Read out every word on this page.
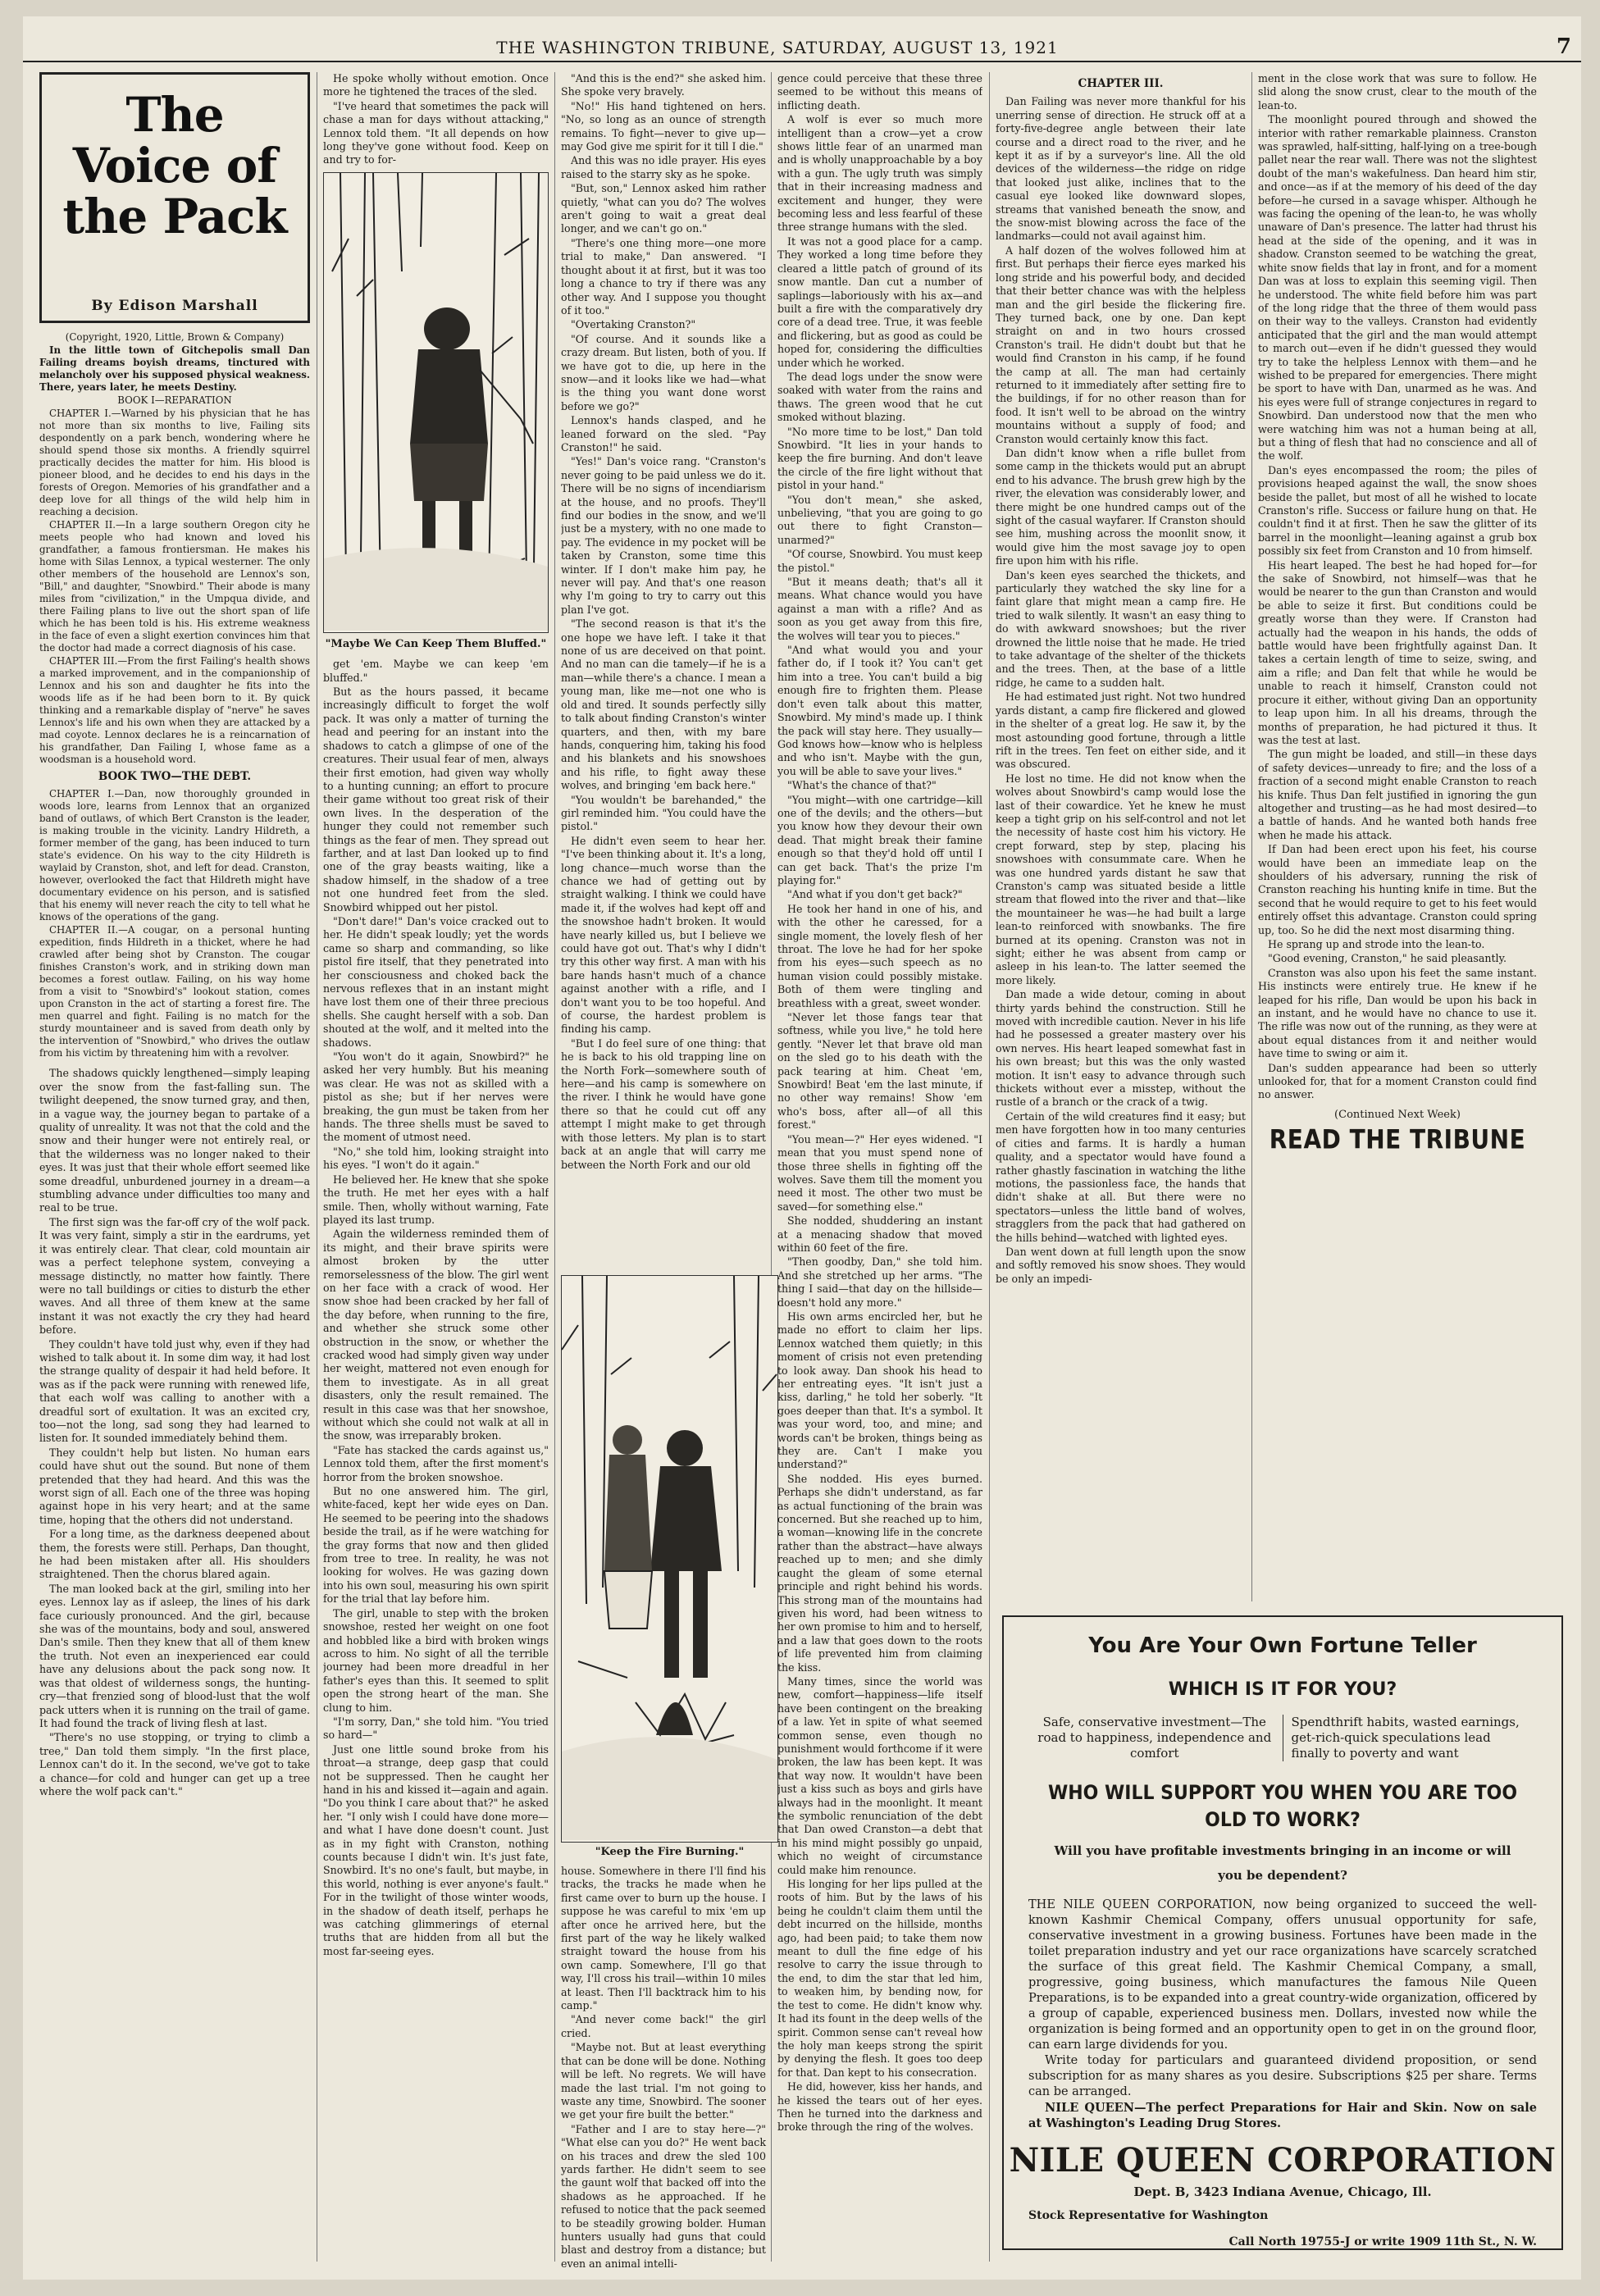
THE WASHINGTON TRIBUNE, SATURDAY, AUGUST 13, 1921	7
The Voice of the Pack
By Edison Marshall

(Copyright, 1920, Little, Brown & Company)

In the little town of Gitchepolis small Dan Failing dreams boyish dreams, tinctured with melancholy over his supposed physical weakness. There, years later, he meets Destiny.

BOOK I—REPARATION

CHAPTER I.—Warned by his physician that he has not more than six months to live, Failing sits despondently on a park bench, wondering where he should spend those six months. A friendly squirrel practically decides the matter for him. His blood is pioneer blood, and he decides to end his days in the forests of Oregon. Memories of his grandfather and a deep love for all things of the wild help him in reaching a decision.

CHAPTER II.—In a large southern Oregon city he meets people who had known and loved his grandfather, a famous frontiersman. He makes his home with Silas Lennox, a typical westerner. The only other members of the household are Lennox's son, "Bill," and daughter, "Snowbird." Their abode is many miles from "civilization," in the Umpqua divide, and there Failing plans to live out the short span of life which he has been told is his. His extreme weakness in the face of even a slight exertion convinces him that the doctor had made a correct diagnosis of his case.

CHAPTER III.—From the first Failing's health shows a marked improvement, and in the companionship of Lennox and his son and daughter he fits into the woods life as if he had been born to it. By quick thinking and a remarkable display of "nerve" he saves Lennox's life and his own when they are attacked by a mad coyote. Lennox declares he is a reincarnation of his grandfather, Dan Failing I, whose fame as a woodsman is a household word.

BOOK TWO—THE DEBT.

CHAPTER I.—Dan, now thoroughly grounded in woods lore, learns from Lennox that an organized band of outlaws, of which Bert Cranston is the leader, is making trouble in the vicinity. Landry Hildreth, a former member of the gang, has been induced to turn state's evidence. On his way to the city Hildreth is waylaid by Cranston, shot, and left for dead. Cranston, however, overlooked the fact that Hildreth might have documentary evidence on his person, and is satisfied that his enemy will never reach the city to tell what he knows of the operations of the gang.

CHAPTER II.—A cougar, on a personal hunting expedition, finds Hildreth in a thicket, where he had crawled after being shot by Cranston. The cougar finishes Cranston's work, and in striking down man becomes a forest outlaw. Failing, on his way home from a visit to "Snowbird's" lookout station, comes upon Cranston in the act of starting a forest fire. The men quarrel and fight. Failing is no match for the sturdy mountaineer and is saved from death only by the intervention of "Snowbird," who drives the outlaw from his victim by threatening him with a revolver.

The shadows quickly lengthened—simply leaping over the snow from the fast-falling sun. The twilight deepened, the snow turned gray, and then, in a vague way, the journey began to partake of a quality of unreality. It was not that the cold and the snow and their hunger were not entirely real, or that the wilderness was no longer naked to their eyes. It was just that their whole effort seemed like some dreadful, unburdened journey in a dream—a stumbling advance under difficulties too many and real to be true.

The first sign was the far-off cry of the wolf pack. It was very faint, simply a stir in the eardrums, yet it was entirely clear. That clear, cold mountain air was a perfect telephone system, conveying a message distinctly, no matter how faintly. There were no tall buildings or cities to disturb the ether waves. And all three of them knew at the same instant it was not exactly the cry they had heard before.

They couldn't have told just why, even if they had wished to talk about it. In some dim way, it had lost the strange quality of despair it had held before. It was as if the pack were running with renewed life, that each wolf was calling to another with a dreadful sort of exultation. It was an excited cry, too—not the long, sad song they had learned to listen for. It sounded immediately behind them.

They couldn't help but listen. No human ears could have shut out the sound. But none of them pretended that they had heard. And this was the worst sign of all. Each one of the three was hoping against hope in his very heart; and at the same time, hoping that the others did not understand.

For a long time, as the darkness deepened about them, the forests were still. Perhaps, Dan thought, he had been mistaken after all. His shoulders straightened. Then the chorus blared again.

The man looked back at the girl, smiling into her eyes. Lennox lay as if asleep, the lines of his dark face curiously pronounced. And the girl, because she was of the mountains, body and soul, answered Dan's smile. Then they knew that all of them knew the truth. Not even an inexperienced ear could have any delusions about the pack song now. It was that oldest of wilderness songs, the hunting-cry—that frenzied song of blood-lust that the wolf pack utters when it is running on the trail of game. It had found the track of living flesh at last.

"There's no use stopping, or trying to climb a tree," Dan told them simply. "In the first place, Lennox can't do it. In the second, we've got to take a chance—for cold and hunger can get up a tree where the wolf pack can't."

He spoke wholly without emotion. Once more he tightened the traces of the sled.

"I've heard that sometimes the pack will chase a man for days without attacking," Lennox told them. "It all depends on how long they've gone without food. Keep on and try to for-

"Maybe We Can Keep Them Bluffed."

get 'em. Maybe we can keep 'em bluffed."

But as the hours passed, it became increasingly difficult to forget the wolf pack. It was only a matter of turning the head and peering for an instant into the shadows to catch a glimpse of one of the creatures. Their usual fear of men, always their first emotion, had given way wholly to a hunting cunning; an effort to procure their game without too great risk of their own lives. In the desperation of the hunger they could not remember such things as the fear of men. They spread out farther, and at last Dan looked up to find one of the gray beasts waiting, like a shadow himself, in the shadow of a tree not one hundred feet from the sled. Snowbird whipped out her pistol.

"Don't dare!" Dan's voice cracked out to her. He didn't speak loudly; yet the words came so sharp and commanding, so like pistol fire itself, that they penetrated into her consciousness and choked back the nervous reflexes that in an instant might have lost them one of their three precious shells. She caught herself with a sob. Dan shouted at the wolf, and it melted into the shadows.

"You won't do it again, Snowbird?" he asked her very humbly. But his meaning was clear. He was not as skilled with a pistol as she; but if her nerves were breaking, the gun must be taken from her hands. The three shells must be saved to the moment of utmost need.

"No," she told him, looking straight into his eyes. "I won't do it again."

He believed her. He knew that she spoke the truth. He met her eyes with a half smile. Then, wholly without warning, Fate played its last trump.

Again the wilderness reminded them of its might, and their brave spirits were almost broken by the utter remorselessness of the blow. The girl went on her face with a crack of wood. Her snow shoe had been cracked by her fall of the day before, when running to the fire, and whether she struck some other obstruction in the snow, or whether the cracked wood had simply given way under her weight, mattered not even enough for them to investigate. As in all great disasters, only the result remained. The result in this case was that her snowshoe, without which she could not walk at all in the snow, was irreparably broken.

"Fate has stacked the cards against us," Lennox told them, after the first moment's horror from the broken snowshoe.

But no one answered him. The girl, white-faced, kept her wide eyes on Dan. He seemed to be peering into the shadows beside the trail, as if he were watching for the gray forms that now and then glided from tree to tree. In reality, he was not looking for wolves. He was gazing down into his own soul, measuring his own spirit for the trial that lay before him.

The girl, unable to step with the broken snowshoe, rested her weight on one foot and hobbled like a bird with broken wings across to him. No sight of all the terrible journey had been more dreadful in her father's eyes than this. It seemed to split open the strong heart of the man. She clung to him.

"I'm sorry, Dan," she told him. "You tried so hard—"

Just one little sound broke from his throat—a strange, deep gasp that could not be suppressed. Then he caught her hand in his and kissed it—again and again. "Do you think I care about that?" he asked her. "I only wish I could have done more—and what I have done doesn't count. Just as in my fight with Cranston, nothing counts because I didn't win. It's just fate, Snowbird. It's no one's fault, but maybe, in this world, nothing is ever anyone's fault." For in the twilight of those winter woods, in the shadow of death itself, perhaps he was catching glimmerings of eternal truths that are hidden from all but the most far-seeing eyes.

"And this is the end?" she asked him. She spoke very bravely.

"No!" His hand tightened on hers. "No, so long as an ounce of strength remains. To fight—never to give up—may God give me spirit for it till I die."

And this was no idle prayer. His eyes raised to the starry sky as he spoke.

"But, son," Lennox asked him rather quietly, "what can you do? The wolves aren't going to wait a great deal longer, and we can't go on."

"There's one thing more—one more trial to make," Dan answered. "I thought about it at first, but it was too long a chance to try if there was any other way. And I suppose you thought of it too."

"Overtaking Cranston?"

"Of course. And it sounds like a crazy dream. But listen, both of you. If we have got to die, up here in the snow—and it looks like we had—what is the thing you want done worst before we go?"

Lennox's hands clasped, and he leaned forward on the sled. "Pay Cranston!" he said.

"Yes!" Dan's voice rang. "Cranston's never going to be paid unless we do it. There will be no signs of incendiarism at the house, and no proofs. They'll find our bodies in the snow, and we'll just be a mystery, with no one made to pay. The evidence in my pocket will be taken by Cranston, some time this winter. If I don't make him pay, he never will pay. And that's one reason why I'm going to try to carry out this plan I've got.

"The second reason is that it's the one hope we have left. I take it that none of us are deceived on that point. And no man can die tamely—if he is a man—while there's a chance. I mean a young man, like me—not one who is old and tired. It sounds perfectly silly to talk about finding Cranston's winter quarters, and then, with my bare hands, conquering him, taking his food and his blankets and his snowshoes and his rifle, to fight away these wolves, and bringing 'em back here."

"You wouldn't be barehanded," the girl reminded him. "You could have the pistol."

He didn't even seem to hear her. "I've been thinking about it. It's a long, long chance—much worse than the chance we had of getting out by straight walking. I think we could have made it, if the wolves had kept off and the snowshoe hadn't broken. It would have nearly killed us, but I believe we could have got out. That's why I didn't try this other way first. A man with his bare hands hasn't much of a chance against another with a rifle, and I don't want you to be too hopeful. And of course, the hardest problem is finding his camp.

"But I do feel sure of one thing: that he is back to his old trapping line on the North Fork—somewhere south of here—and his camp is somewhere on the river. I think he would have gone there so that he could cut off any attempt I might make to get through with those letters. My plan is to start back at an angle that will carry me between the North Fork and our old

"Keep the Fire Burning."

house. Somewhere in there I'll find his tracks, the tracks he made when he first came over to burn up the house. I suppose he was careful to mix 'em up after once he arrived here, but the first part of the way he likely walked straight toward the house from his own camp. Somewhere, I'll go that way, I'll cross his trail—within 10 miles at least. Then I'll backtrack him to his camp."

"And never come back!" the girl cried.

"Maybe not. But at least everything that can be done will be done. Nothing will be left. No regrets. We will have made the last trial. I'm not going to waste any time, Snowbird. The sooner we get your fire built the better."

"Father and I are to stay here—?" "What else can you do?" He went back on his traces and drew the sled 100 yards farther. He didn't seem to see the gaunt wolf that backed off into the shadows as he approached. If he refused to notice that the pack seemed to be steadily growing bolder. Human hunters usually had guns that could blast and destroy from a distance; but even an animal intelli-

gence could perceive that these three seemed to be without this means of inflicting death.

A wolf is ever so much more intelligent than a crow—yet a crow shows little fear of an unarmed man and is wholly unapproachable by a boy with a gun. The ugly truth was simply that in their increasing madness and excitement and hunger, they were becoming less and less fearful of these three strange humans with the sled.

It was not a good place for a camp. They worked a long time before they cleared a little patch of ground of its snow mantle. Dan cut a number of saplings—laboriously with his ax—and built a fire with the comparatively dry core of a dead tree. True, it was feeble and flickering, but as good as could be hoped for, considering the difficulties under which he worked.

The dead logs under the snow were soaked with water from the rains and thaws. The green wood that he cut smoked without blazing.

"No more time to be lost," Dan told Snowbird. "It lies in your hands to keep the fire burning. And don't leave the circle of the fire light without that pistol in your hand."

"You don't mean," she asked, unbelieving, "that you are going to go out there to fight Cranston—unarmed?"

"Of course, Snowbird. You must keep the pistol."

"But it means death; that's all it means. What chance would you have against a man with a rifle? And as soon as you get away from this fire, the wolves will tear you to pieces."

"And what would you and your father do, if I took it? You can't get him into a tree. You can't build a big enough fire to frighten them. Please don't even talk about this matter, Snowbird. My mind's made up. I think the pack will stay here. They usually—God knows how—know who is helpless and who isn't. Maybe with the gun, you will be able to save your lives."

"What's the chance of that?"

"You might—with one cartridge—kill one of the devils; and the others—but you know how they devour their own dead. That might break their famine enough so that they'd hold off until I can get back. That's the prize I'm playing for."

"And what if you don't get back?"

He took her hand in one of his, and with the other he caressed, for a single moment, the lovely flesh of her throat. The love he had for her spoke from his eyes—such speech as no human vision could possibly mistake. Both of them were tingling and breathless with a great, sweet wonder.

"Never let those fangs tear that softness, while you live," he told here gently. "Never let that brave old man on the sled go to his death with the pack tearing at him. Cheat 'em, Snowbird! Beat 'em the last minute, if no other way remains! Show 'em who's boss, after all—of all this forest."

"You mean—?" Her eyes widened. "I mean that you must spend none of those three shells in fighting off the wolves. Save them till the moment you need it most. The other two must be saved—for something else."

She nodded, shuddering an instant at a menacing shadow that moved within 60 feet of the fire.

"Then goodby, Dan," she told him. And she stretched up her arms. "The thing I said—that day on the hillside—doesn't hold any more."

His own arms encircled her, but he made no effort to claim her lips. Lennox watched them quietly; in this moment of crisis not even pretending to look away. Dan shook his head to her entreating eyes. "It isn't just a kiss, darling," he told her soberly. "It goes deeper than that. It's a symbol. It was your word, too, and mine; and words can't be broken, things being as they are. Can't I make you understand?"

She nodded. His eyes burned. Perhaps she didn't understand, as far as actual functioning of the brain was concerned. But she reached up to him, a woman—knowing life in the concrete rather than the abstract—have always reached up to men; and she dimly caught the gleam of some eternal principle and right behind his words. This strong man of the mountains had given his word, had been witness to her own promise to him and to herself, and a law that goes down to the roots of life prevented him from claiming the kiss.

Many times, since the world was new, comfort—happiness—life itself have been contingent on the breaking of a law. Yet in spite of what seemed common sense, even though no punishment would forthcome if it were broken, the law has been kept. It was that way now. It wouldn't have been just a kiss such as boys and girls have always had in the moonlight. It meant the symbolic renunciation of the debt that Dan owed Cranston—a debt that in his mind might possibly go unpaid, which no weight of circumstance could make him renounce.

His longing for her lips pulled at the roots of him. But by the laws of his being he couldn't claim them until the debt incurred on the hillside, months ago, had been paid; to take them now meant to dull the fine edge of his resolve to carry the issue through to the end, to dim the star that led him, to weaken him, by bending now, for the test to come. He didn't know why. It had its fount in the deep wells of the spirit. Common sense can't reveal how the holy man keeps strong the spirit by denying the flesh. It goes too deep for that. Dan kept to his consecration.

He did, however, kiss her hands, and he kissed the tears out of her eyes. Then he turned into the darkness and broke through the ring of the wolves.

CHAPTER III.

Dan Failing was never more thankful for his unerring sense of direction. He struck off at a forty-five-degree angle between their late course and a direct road to the river, and he kept it as if by a surveyor's line. All the old devices of the wilderness—the ridge on ridge that looked just alike, inclines that to the casual eye looked like downward slopes, streams that vanished beneath the snow, and the snow-mist blowing across the face of the landmarks—could not avail against him.

A half dozen of the wolves followed him at first. But perhaps their fierce eyes marked his long stride and his powerful body, and decided that their better chance was with the helpless man and the girl beside the flickering fire. They turned back, one by one. Dan kept straight on and in two hours crossed Cranston's trail. He didn't doubt but that he would find Cranston in his camp, if he found the camp at all. The man had certainly returned to it immediately after setting fire to the buildings, if for no other reason than for food. It isn't well to be abroad on the wintry mountains without a supply of food; and Cranston would certainly know this fact.

Dan didn't know when a rifle bullet from some camp in the thickets would put an abrupt end to his advance. The brush grew high by the river, the elevation was considerably lower, and there might be one hundred camps out of the sight of the casual wayfarer. If Cranston should see him, mushing across the moonlit snow, it would give him the most savage joy to open fire upon him with his rifle.

Dan's keen eyes searched the thickets, and particularly they watched the sky line for a faint glare that might mean a camp fire. He tried to walk silently. It wasn't an easy thing to do with awkward snowshoes; but the river drowned the little noise that he made. He tried to take advantage of the shelter of the thickets and the trees. Then, at the base of a little ridge, he came to a sudden halt.

He had estimated just right. Not two hundred yards distant, a camp fire flickered and glowed in the shelter of a great log. He saw it, by the most astounding good fortune, through a little rift in the trees. Ten feet on either side, and it was obscured.

He lost no time. He did not know when the wolves about Snowbird's camp would lose the last of their cowardice. Yet he knew he must keep a tight grip on his self-control and not let the necessity of haste cost him his victory. He crept forward, step by step, placing his snowshoes with consummate care. When he was one hundred yards distant he saw that Cranston's camp was situated beside a little stream that flowed into the river and that—like the mountaineer he was—he had built a large lean-to reinforced with snowbanks. The fire burned at its opening. Cranston was not in sight; either he was absent from camp or asleep in his lean-to. The latter seemed the more likely.

Dan made a wide detour, coming in about thirty yards behind the construction. Still he moved with incredible caution. Never in his life had he possessed a greater mastery over his own nerves. His heart leaped somewhat fast in his own breast; but this was the only wasted motion. It isn't easy to advance through such thickets without ever a misstep, without the rustle of a branch or the crack of a twig.

Certain of the wild creatures find it easy; but men have forgotten how in too many centuries of cities and farms. It is hardly a human quality, and a spectator would have found a rather ghastly fascination in watching the lithe motions, the passionless face, the hands that didn't shake at all. But there were no spectators—unless the little band of wolves, stragglers from the pack that had gathered on the hills behind—watched with lighted eyes.

Dan went down at full length upon the snow and softly removed his snow shoes. They would be only an impedi-

ment in the close work that was sure to follow. He slid along the snow crust, clear to the mouth of the lean-to.

The moonlight poured through and showed the interior with rather remarkable plainness. Cranston was sprawled, half-sitting, half-lying on a tree-bough pallet near the rear wall. There was not the slightest doubt of the man's wakefulness. Dan heard him stir, and once—as if at the memory of his deed of the day before—he cursed in a savage whisper. Although he was facing the opening of the lean-to, he was wholly unaware of Dan's presence. The latter had thrust his head at the side of the opening, and it was in shadow. Cranston seemed to be watching the great, white snow fields that lay in front, and for a moment Dan was at loss to explain this seeming vigil. Then he understood. The white field before him was part of the long ridge that the three of them would pass on their way to the valleys. Cranston had evidently anticipated that the girl and the man would attempt to march out—even if he didn't guessed they would try to take the helpless Lennox with them—and he wished to be prepared for emergencies. There might be sport to have with Dan, unarmed as he was. And his eyes were full of strange conjectures in regard to Snowbird. Dan understood now that the men who were watching him was not a human being at all, but a thing of flesh that had no conscience and all of the wolf.

Dan's eyes encompassed the room; the piles of provisions heaped against the wall, the snow shoes beside the pallet, but most of all he wished to locate Cranston's rifle. Success or failure hung on that. He couldn't find it at first. Then he saw the glitter of its barrel in the moonlight—leaning against a grub box possibly six feet from Cranston and 10 from himself.

His heart leaped. The best he had hoped for—for the sake of Snowbird, not himself—was that he would be nearer to the gun than Cranston and would be able to seize it first. But conditions could be greatly worse than they were. If Cranston had actually had the weapon in his hands, the odds of battle would have been frightfully against Dan. It takes a certain length of time to seize, swing, and aim a rifle; and Dan felt that while he would be unable to reach it himself, Cranston could not procure it either, without giving Dan an opportunity to leap upon him. In all his dreams, through the months of preparation, he had pictured it thus. It was the test at last.

The gun might be loaded, and still—in these days of safety devices—unready to fire; and the loss of a fraction of a second might enable Cranston to reach his knife. Thus Dan felt justified in ignoring the gun altogether and trusting—as he had most desired—to a battle of hands. And he wanted both hands free when he made his attack.

If Dan had been erect upon his feet, his course would have been an immediate leap on the shoulders of his adversary, running the risk of Cranston reaching his hunting knife in time. But the second that he would require to get to his feet would entirely offset this advantage. Cranston could spring up, too. So he did the next most disarming thing.

He sprang up and strode into the lean-to.

"Good evening, Cranston," he said pleasantly.

Cranston was also upon his feet the same instant. His instincts were entirely true. He knew if he leaped for his rifle, Dan would be upon his back in an instant, and he would have no chance to use it. The rifle was now out of the running, as they were at about equal distances from it and neither would have time to swing or aim it.

Dan's sudden appearance had been so utterly unlooked for, that for a moment Cranston could find no answer.

(Continued Next Week)
READ THE TRIBUNE
You Are Your Own Fortune Teller
WHICH IS IT FOR YOU?
Safe, conservative investment—The road to happiness, independence and comfort
Spendthrift habits, wasted earnings, get-rich-quick speculations lead finally to poverty and want
WHO WILL SUPPORT YOU WHEN YOU ARE TOO OLD TO WORK?
Will you have profitable investments bringing in an income or will you be dependent?

THE NILE QUEEN CORPORATION, now being organized to succeed the well-known Kashmir Chemical Company, offers unusual opportunity for safe, conservative investment in a growing business. Fortunes have been made in the toilet preparation industry and yet our race organizations have scarcely scratched the surface of this great field. The Kashmir Chemical Company, a small, progressive, going business, which manufactures the famous Nile Queen Preparations, is to be expanded into a great country-wide organization, officered by a group of capable, experienced business men. Dollars, invested now while the organization is being formed and an opportunity open to get in on the ground floor, can earn large dividends for you.

Write today for particulars and guaranteed dividend proposition, or send subscription for as many shares as you desire. Subscriptions $25 per share. Terms can be arranged.

NILE QUEEN—The perfect Preparations for Hair and Skin. Now on sale at Washington's Leading Drug Stores.

NILE QUEEN CORPORATION
Dept. B, 3423 Indiana Avenue, Chicago, Ill.
Stock Representative for Washington
Call North 19755-J or write 1909 11th St., N. W.
